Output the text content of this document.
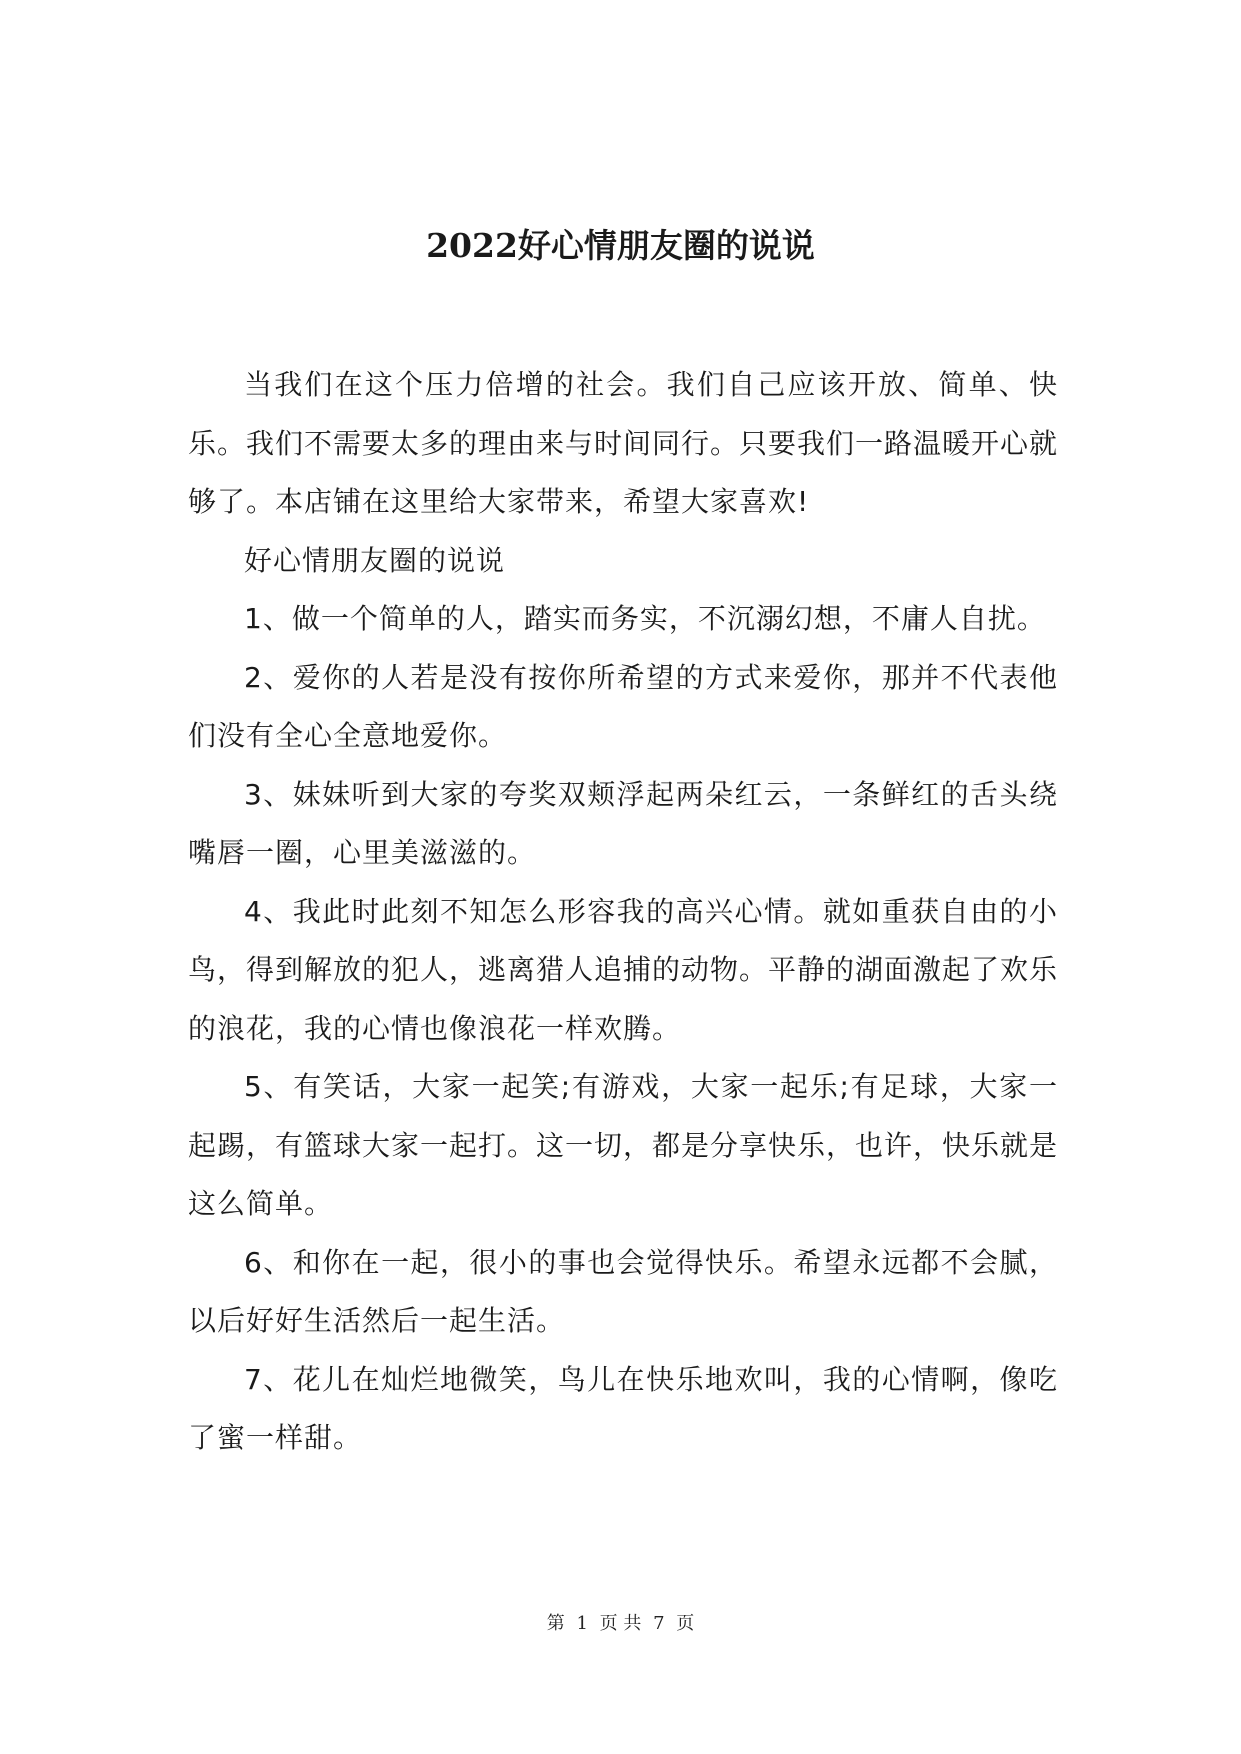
2022好心情朋友圈的说说

当我们在这个压力倍增的社会。我们自己应该开放、简单、快乐。我们不需要太多的理由来与时间同行。只要我们一路温暖开心就够了。本店铺在这里给大家带来，希望大家喜欢!

好心情朋友圈的说说

1、做一个简单的人，踏实而务实，不沉溺幻想，不庸人自扰。

2、爱你的人若是没有按你所希望的方式来爱你，那并不代表他们没有全心全意地爱你。

3、妹妹听到大家的夸奖双颊浮起两朵红云，一条鲜红的舌头绕嘴唇一圈，心里美滋滋的。

4、我此时此刻不知怎么形容我的高兴心情。就如重获自由的小鸟，得到解放的犯人，逃离猎人追捕的动物。平静的湖面激起了欢乐的浪花，我的心情也像浪花一样欢腾。

5、有笑话，大家一起笑;有游戏，大家一起乐;有足球，大家一起踢，有篮球大家一起打。这一切，都是分享快乐，也许，快乐就是这么简单。

6、和你在一起，很小的事也会觉得快乐。希望永远都不会腻，以后好好生活然后一起生活。

7、花儿在灿烂地微笑，鸟儿在快乐地欢叫，我的心情啊，像吃了蜜一样甜。

第 1 页 共 7 页
